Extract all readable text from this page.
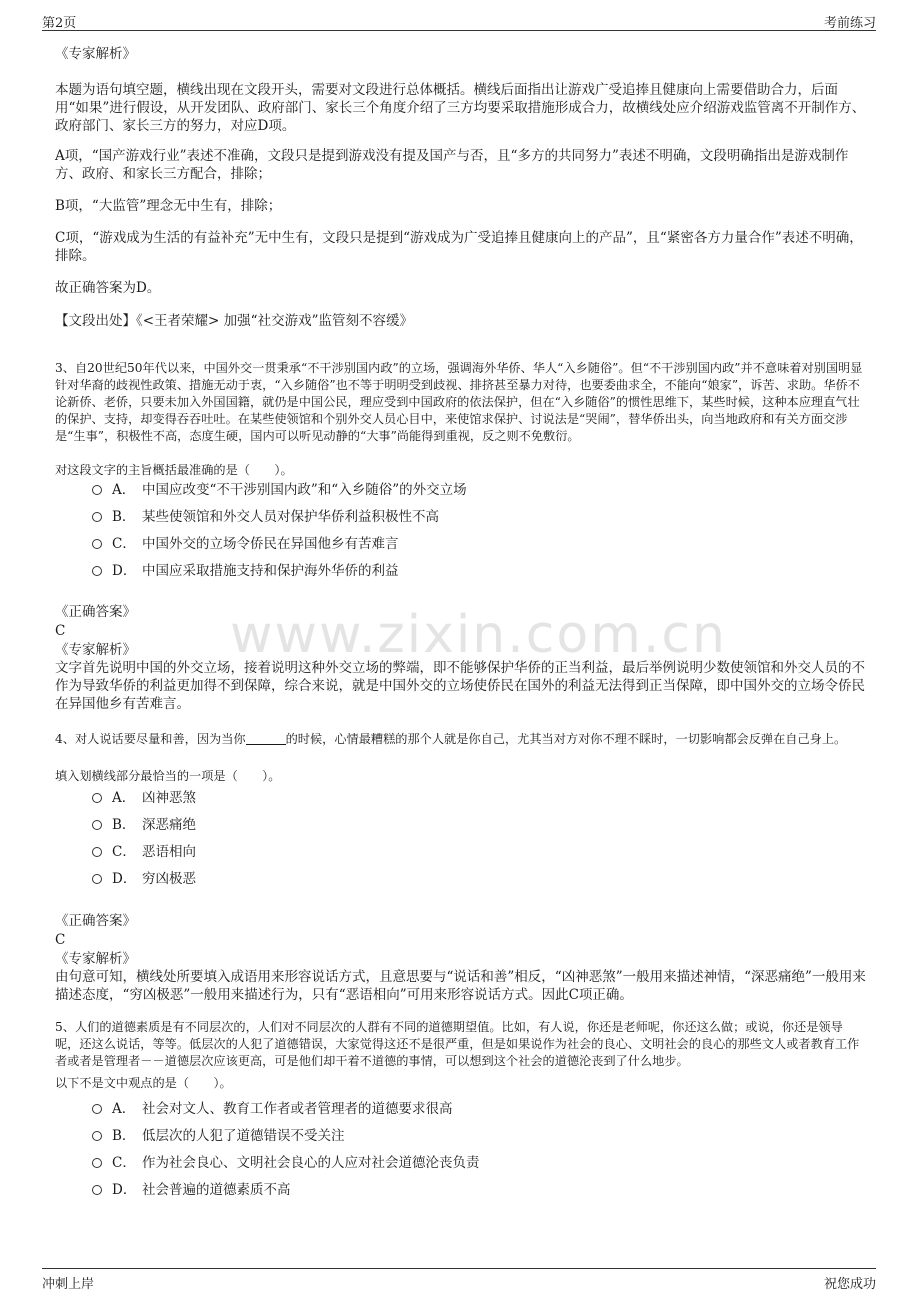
第2页	考前练习
www.zixin.com.cn

《专家解析》

本题为语句填空题，横线出现在文段开头，需要对文段进行总体概括。横线后面指出让游戏广受追捧且健康向上需要借助合力，后面用“如果”进行假设，从开发团队、政府部门、家长三个角度介绍了三方均要采取措施形成合力，故横线处应介绍游戏监管离不开制作方、政府部门、家长三方的努力，对应D项。

A项，“国产游戏行业”表述不准确，文段只是提到游戏没有提及国产与否，且“多方的共同努力”表述不明确，文段明确指出是游戏制作方、政府、和家长三方配合，排除；

B项，“大监管”理念无中生有，排除；

C项，“游戏成为生活的有益补充”无中生有，文段只是提到“游戏成为广受追捧且健康向上的产品”，且“紧密各方力量合作”表述不明确，排除。

故正确答案为D。

【文段出处】《<王者荣耀> 加强“社交游戏”监管刻不容缓》

3、自20世纪50年代以来，中国外交一贯秉承“不干涉别国内政”的立场，强调海外华侨、华人“入乡随俗”。但“不干涉别国内政”并不意味着对别国明显针对华裔的歧视性政策、措施无动于衷，“入乡随俗”也不等于明明受到歧视、排挤甚至暴力对待，也要委曲求全，不能向“娘家”，诉苦、求助。华侨不论新侨、老侨，只要未加入外国国籍，就仍是中国公民，理应受到中国政府的依法保护，但在“入乡随俗”的惯性思维下，某些时候，这种本应理直气壮的保护、支持，却变得吞吞吐吐。在某些使领馆和个别外交人员心目中，来使馆求保护、讨说法是“哭闹”，替华侨出头，向当地政府和有关方面交涉是“生事”，积极性不高，态度生硬，国内可以听见动静的“大事”尚能得到重视，反之则不免敷衍。

对这段文字的主旨概括最准确的是（　　）。

A． 中国应改变“不干涉别国内政”和“入乡随俗”的外交立场
B． 某些使领馆和外交人员对保护华侨利益积极性不高
C． 中国外交的立场令侨民在异国他乡有苦难言
D． 中国应采取措施支持和保护海外华侨的利益

《正确答案》

C

《专家解析》

文字首先说明中国的外交立场，接着说明这种外交立场的弊端，即不能够保护华侨的正当利益，最后举例说明少数使领馆和外交人员的不作为导致华侨的利益更加得不到保障，综合来说，就是中国外交的立场使侨民在国外的利益无法得到正当保障，即中国外交的立场令侨民在异国他乡有苦难言。

4、对人说话要尽量和善，因为当你	的时候，心情最糟糕的那个人就是你自己，尤其当对方对你不理不睬时，一切影响都会反弹在自己身上。

填入划横线部分最恰当的一项是（　　）。

A． 凶神恶煞
B． 深恶痛绝
C． 恶语相向
D． 穷凶极恶

《正确答案》

C

《专家解析》

由句意可知，横线处所要填入成语用来形容说话方式，且意思要与“说话和善”相反，“凶神恶煞”一般用来描述神情，“深恶痛绝”一般用来描述态度，“穷凶极恶”一般用来描述行为，只有“恶语相向”可用来形容说话方式。因此C项正确。

5、人们的道德素质是有不同层次的，人们对不同层次的人群有不同的道德期望值。比如，有人说，你还是老师呢，你还这么做；或说，你还是领导呢，还这么说话，等等。低层次的人犯了道德错误，大家觉得这还不是很严重，但是如果说作为社会的良心、文明社会的良心的那些文人或者教育工作者或者是管理者－－道德层次应该更高，可是他们却干着不道德的事情，可以想到这个社会的道德沦丧到了什么地步。

以下不是文中观点的是（　　）。

A． 社会对文人、教育工作者或者管理者的道德要求很高
B． 低层次的人犯了道德错误不受关注
C． 作为社会良心、文明社会良心的人应对社会道德沦丧负责
D． 社会普遍的道德素质不高
冲刺上岸	祝您成功
